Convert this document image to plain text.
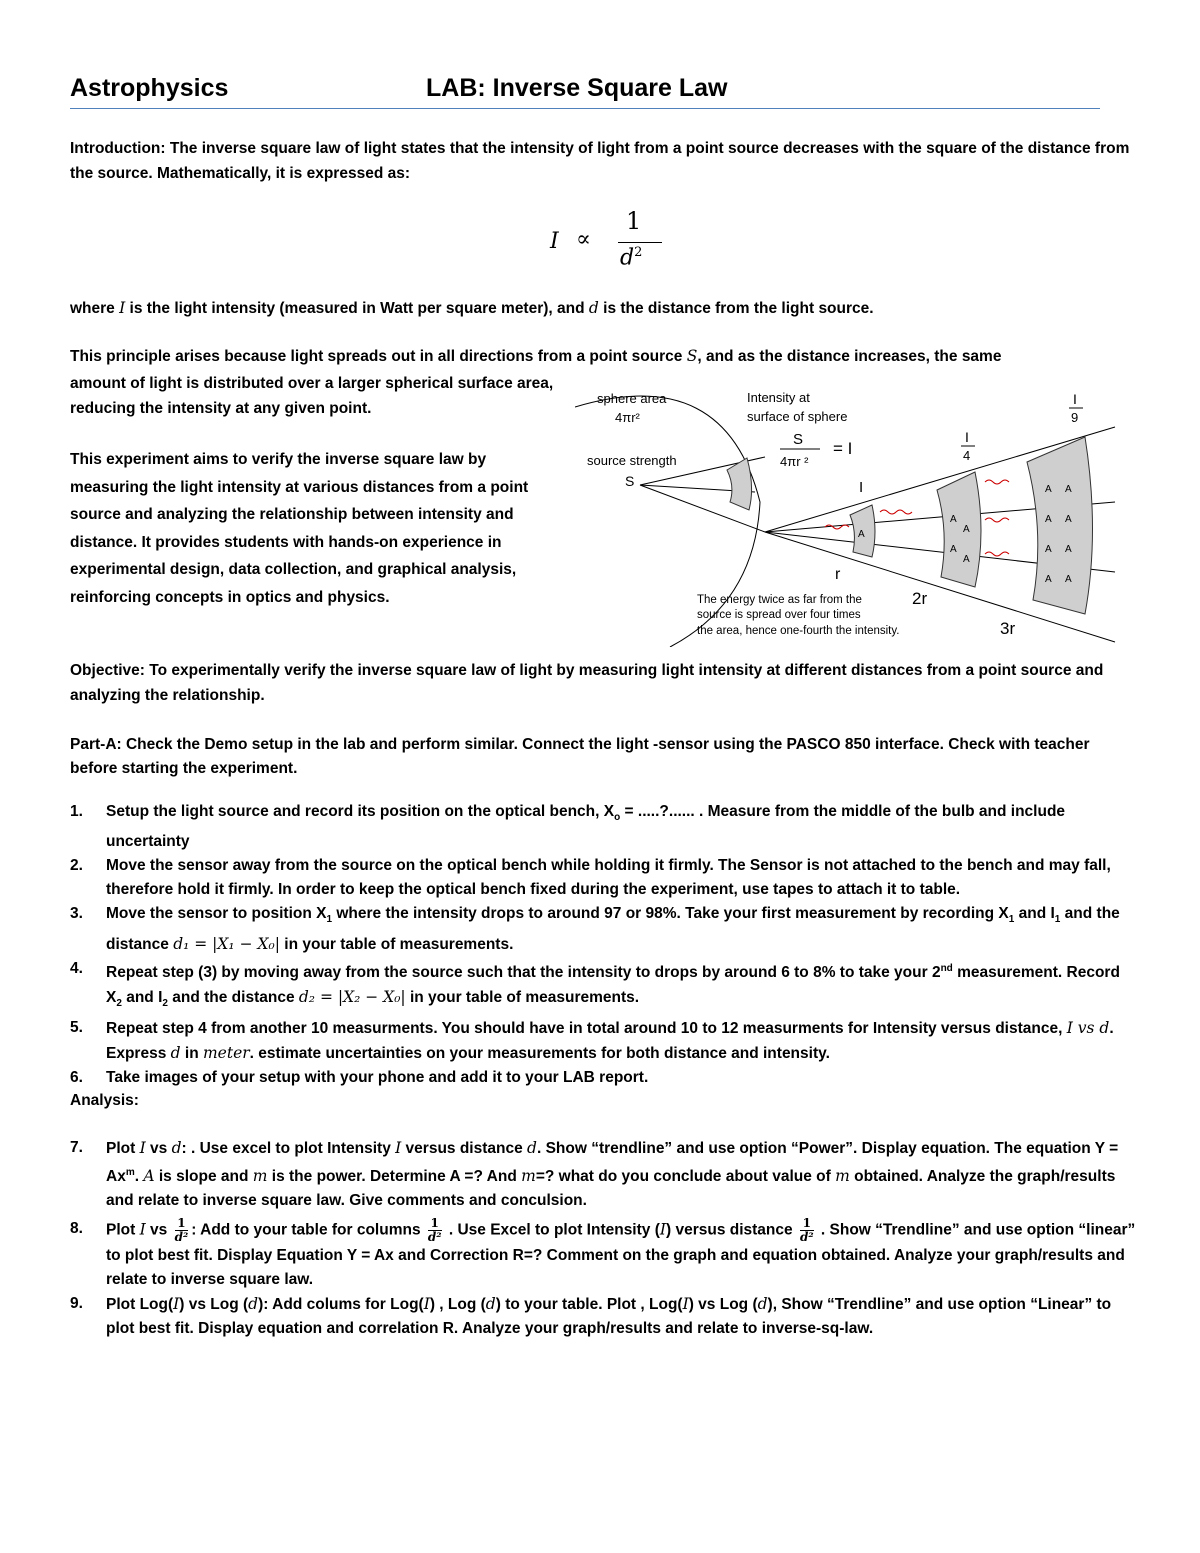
Astrophysics	LAB: Inverse Square Law
Introduction: The inverse square law of light states that the intensity of light from a point source decreases with the square of the distance from the source. Mathematically, it is expressed as:
I ∝
1
$d^2$
where I is the light intensity (measured in Watt per square meter), and d is the distance from the light source.
This principle arises because light spreads out in all directions from a point source S, and as the distance increases, the same
amount of light is distributed over a larger spherical surface area, reducing the intensity at any given point.
This experiment aims to verify the inverse square law by measuring the light intensity at various distances from a point source and analyzing the relationship between intensity and distance. It provides students with hands-on experience in experimental design, data collection, and graphical analysis, reinforcing concepts in optics and physics.
sphere area
4πr²
Intensity at
surface of sphere
S
4πr ²
= I
source strength
S	I
I
4
I
9
r
2r
3r
A
A
A
A
A
A A
A A
A A
A A
The energy twice as far from the
source is spread over four times
the area, hence one-fourth the intensity.
Objective: To experimentally verify the inverse square law of light by measuring light intensity at different distances from a point source and analyzing the relationship.
Part-A: Check the Demo setup in the lab and perform similar. Connect the light -sensor using the PASCO 850 interface. Check with teacher before starting the experiment.
1. Setup the light source and record its position on the optical bench, $X_o$ = .....?...... . Measure from the middle of the bulb and include uncertainty
2. Move the sensor away from the source on the optical bench while holding it firmly. The Sensor is not attached to the bench and may fall, therefore hold it firmly. In order to keep the optical bench fixed during the experiment, use tapes to attach it to table.
3. Move the sensor to position $X_1$ where the intensity drops to around 97 or 98%. Take your first measurement by recording $X_1$ and $I_1$ and the distance d₁ = |X₁ − X₀| in your table of measurements.
4. Repeat step (3) by moving away from the source such that the intensity to drops by around 6 to 8% to take your 2nd measurement. Record $X_2$ and $I_2$ and the distance d₂ = |X₂ − X₀| in your table of measurements.
5. Repeat step 4 from another 10 measurments. You should have in total around 10 to 12 measurments for Intensity versus distance, I vs d. Express d in meter. estimate uncertainties on your measurements for both distance and intensity.
6. Take images of your setup with your phone and add it to your LAB report.
Analysis:
7. Plot I vs d: . Use excel to plot Intensity I versus distance d. Show “trendline” and use option “Power”. Display equation. The equation $Y = Ax^m$. A is slope and m is the power. Determine A =? And m=? what do you conclude about value of m obtained. Analyze the graph/results and relate to inverse square law. Give comments and conculsion.
8. Plot I vs $\frac{1}{\text{d²}}$ : Add to your table for columns $\frac{1}{\text{d²}}$ . Use Excel to plot Intensity (I) versus distance $\frac{1}{\text{d²}}$ . Show “Trendline” and use option “linear” to plot best fit. Display Equation Y = Ax and Correction R=? Comment on the graph and equation obtained. Analyze your graph/results and relate to inverse square law.
9. Plot Log(I) vs Log (d): Add colums for Log(I) , Log (d) to your table. Plot , Log(I) vs Log (d), Show “Trendline” and use option “Linear” to plot best fit. Display equation and correlation R. Analyze your graph/results and relate to inverse-sq-law.
